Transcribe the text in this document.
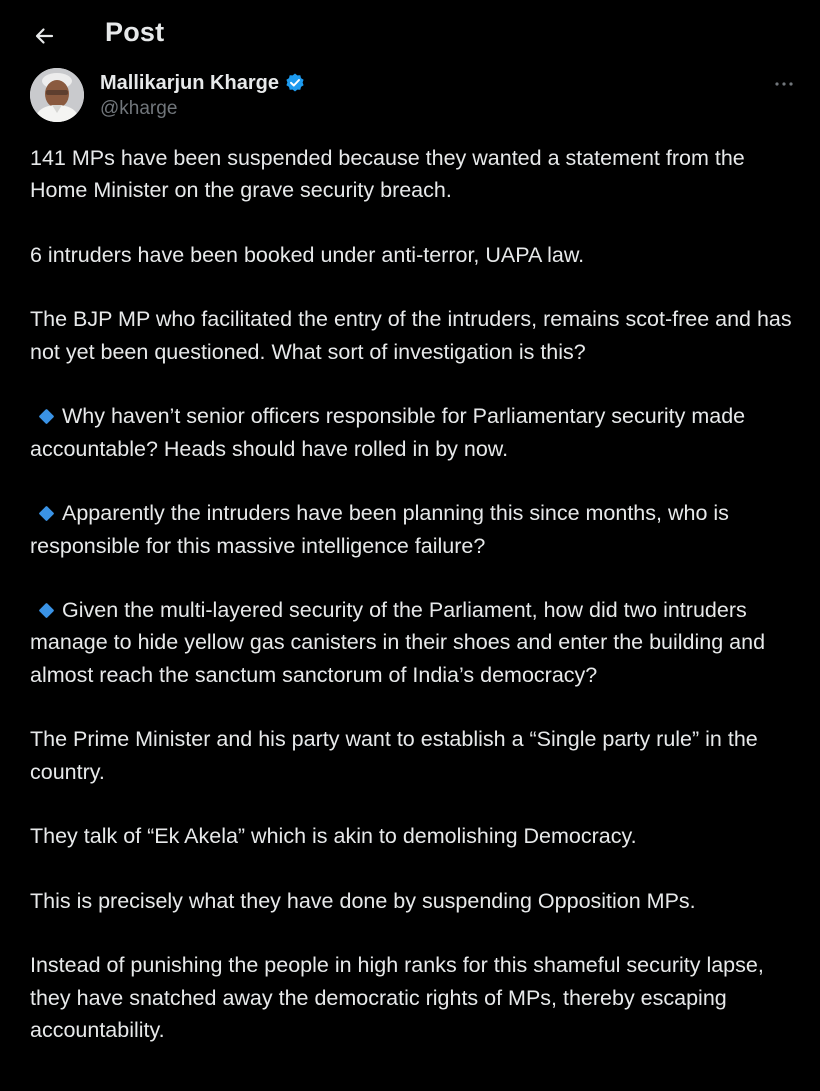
Post
Mallikarjun Kharge
@kharge

141 MPs have been suspended because they wanted a statement from the Home Minister on the grave security breach.

6 intruders have been booked under anti-terror, UAPA law.

The BJP MP who facilitated the entry of the intruders, remains scot-free and has not yet been questioned. What sort of investigation is this?

Why haven’t senior officers responsible for Parliamentary security made accountable? Heads should have rolled in by now.

Apparently the intruders have been planning this since months, who is responsible for this massive intelligence failure?

Given the multi-layered security of the Parliament, how did two intruders manage to hide yellow gas canisters in their shoes and enter the building and almost reach the sanctum sanctorum of India’s democracy?

The Prime Minister and his party want to establish a “Single party rule” in the country.

They talk of “Ek Akela” which is akin to demolishing Democracy.

This is precisely what they have done by suspending Opposition MPs.

Instead of punishing the people in high ranks for this shameful security lapse, they have snatched away the democratic rights of MPs, thereby escaping accountability.
